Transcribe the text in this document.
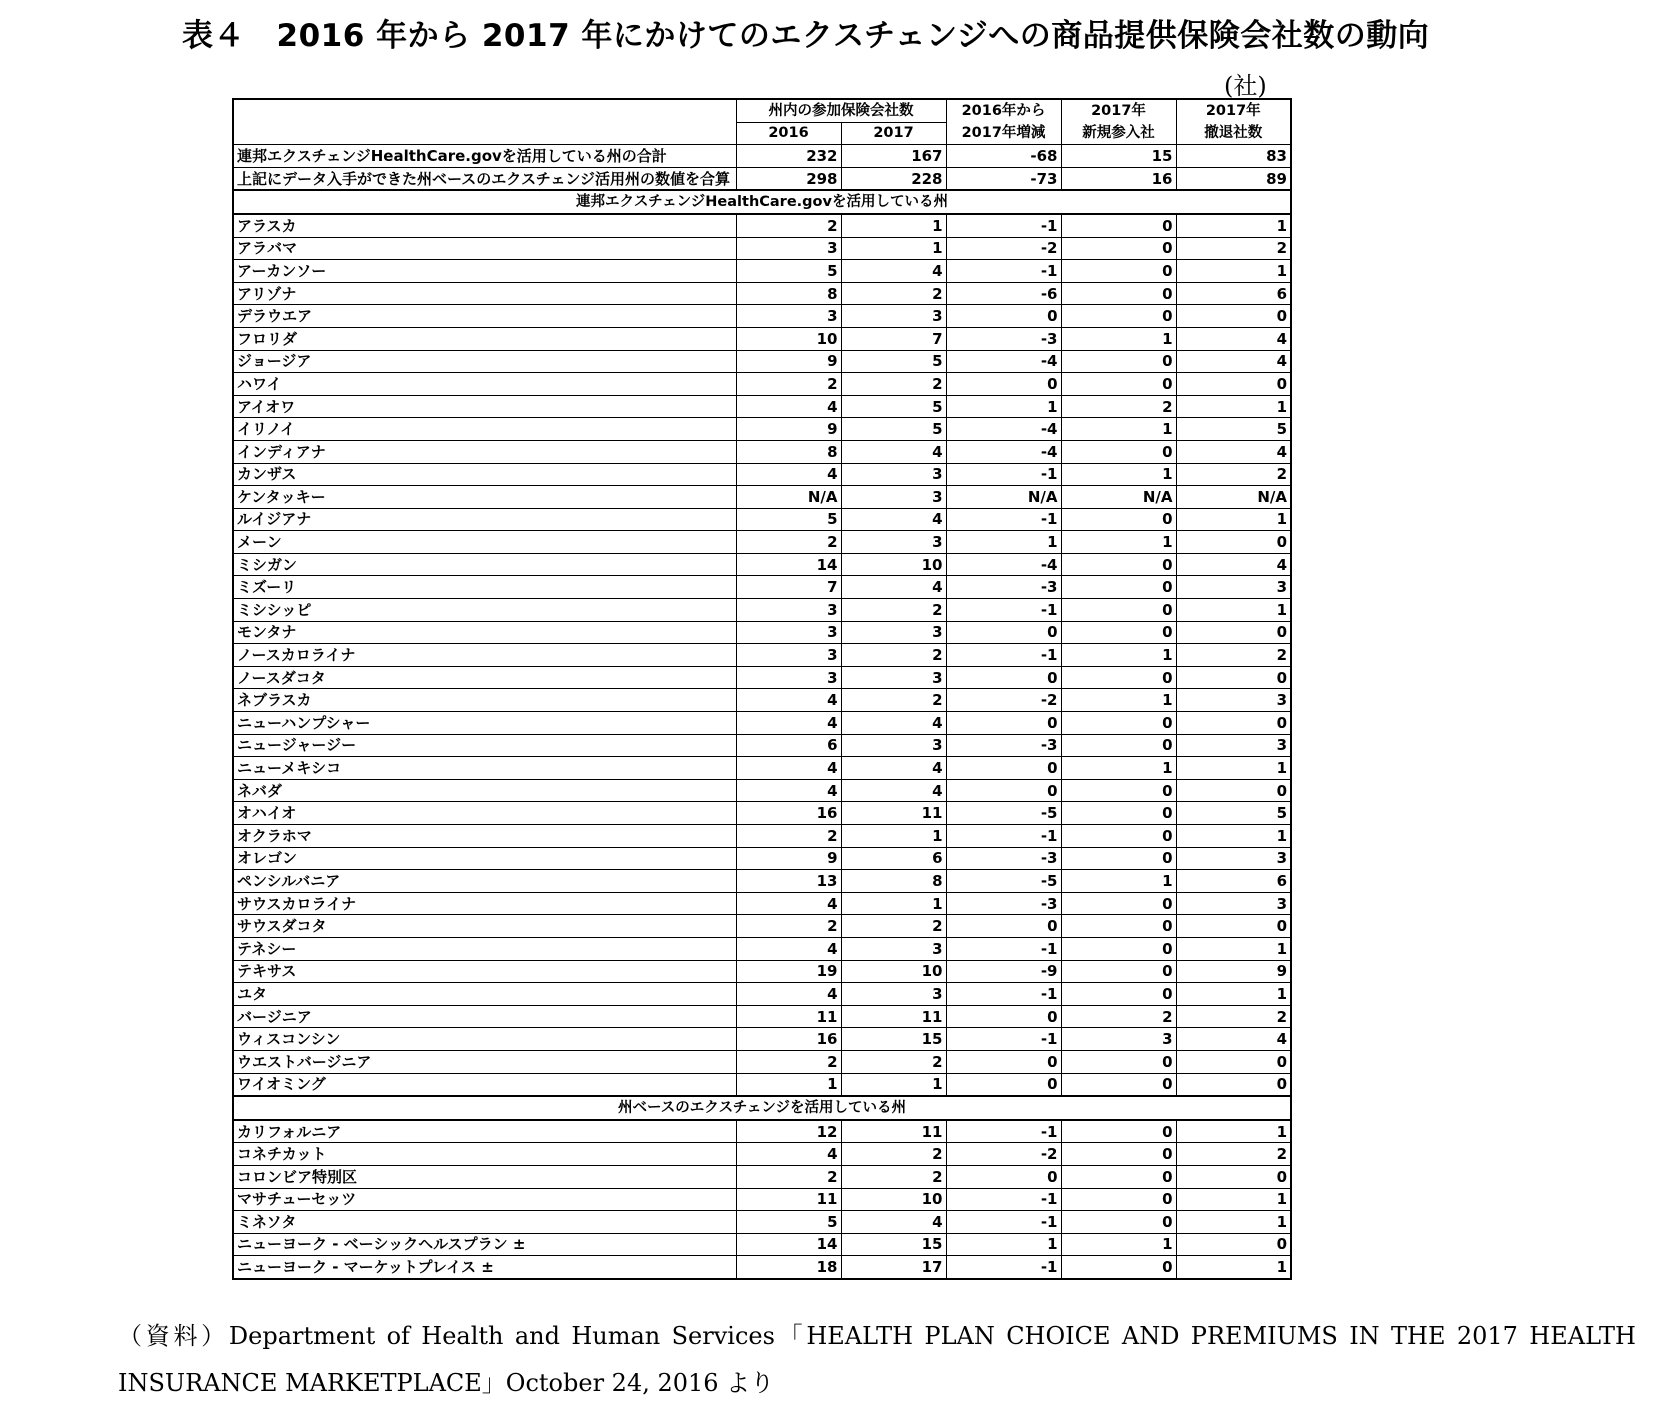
表４　2016 年から 2017 年にかけてのエクスチェンジへの商品提供保険会社数の動向
(社)
	州内の参加保険会社数		2016年から	2017年	2017年
	2016	2017	2017年増減	新規参入社	撤退社数
連邦エクスチェンジHealthCare.govを活用している州の合計	232	167	-68	15	83
上記にデータ入手ができた州ベースのエクスチェンジ活用州の数値を合算	298	228	-73	16	89
連邦エクスチェンジHealthCare.govを活用している州					
アラスカ	2	1	-1	0	1
アラバマ	3	1	-2	0	2
アーカンソー	5	4	-1	0	1
アリゾナ	8	2	-6	0	6
デラウエア	3	3	0	0	0
フロリダ	10	7	-3	1	4
ジョージア	9	5	-4	0	4
ハワイ	2	2	0	0	0
アイオワ	4	5	1	2	1
イリノイ	9	5	-4	1	5
インディアナ	8	4	-4	0	4
カンザス	4	3	-1	1	2
ケンタッキー	N/A	3	N/A	N/A	N/A
ルイジアナ	5	4	-1	0	1
メーン	2	3	1	1	0
ミシガン	14	10	-4	0	4
ミズーリ	7	4	-3	0	3
ミシシッピ	3	2	-1	0	1
モンタナ	3	3	0	0	0
ノースカロライナ	3	2	-1	1	2
ノースダコタ	3	3	0	0	0
ネブラスカ	4	2	-2	1	3
ニューハンプシャー	4	4	0	0	0
ニュージャージー	6	3	-3	0	3
ニューメキシコ	4	4	0	1	1
ネバダ	4	4	0	0	0
オハイオ	16	11	-5	0	5
オクラホマ	2	1	-1	0	1
オレゴン	9	6	-3	0	3
ペンシルバニア	13	8	-5	1	6
サウスカロライナ	4	1	-3	0	3
サウスダコタ	2	2	0	0	0
テネシー	4	3	-1	0	1
テキサス	19	10	-9	0	9
ユタ	4	3	-1	0	1
バージニア	11	11	0	2	2
ウィスコンシン	16	15	-1	3	4
ウエストバージニア	2	2	0	0	0
ワイオミング	1	1	0	0	0
州ベースのエクスチェンジを活用している州					
カリフォルニア	12	11	-1	0	1
コネチカット	4	2	-2	0	2
コロンビア特別区	2	2	0	0	0
マサチューセッツ	11	10	-1	0	1
ミネソタ	5	4	-1	0	1
ニューヨーク - ベーシックヘルスプラン ±	14	15	1	1	0
ニューヨーク - マーケットプレイス ±	18	17	-1	0	1
（資料）Department of Health and Human Services「HEALTH PLAN CHOICE AND PREMIUMS IN THE 2017 HEALTH
INSURANCE MARKETPLACE」October 24, 2016 より
